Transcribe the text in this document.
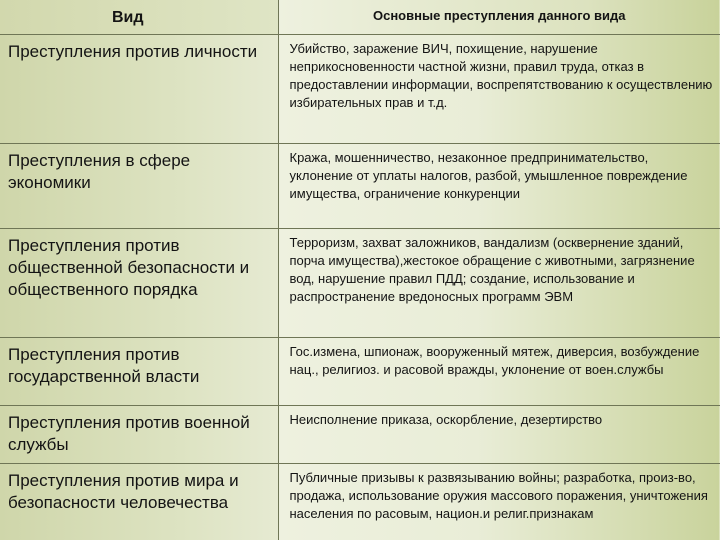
Вид	Основные преступления данного вида

Преступления против личности	Убийство, заражение ВИЧ, похищение, нарушение неприкосновенности частной жизни, правил труда, отказ в предоставлении информации, воспрепятствованию к осуществлению избирательных прав и т.д.

Преступления в сфере экономики	Кража, мошенничество, незаконное предпринимательство, уклонение от уплаты налогов, разбой, умышленное повреждение имущества, ограничение конкуренции

Преступления против общественной безопасности и общественного порядка	Терроризм, захват заложников, вандализм (осквернение зданий, порча имущества),жестокое обращение с животными, загрязнение вод, нарушение правил ПДД; создание, использование и распространение вредоносных программ ЭВМ

Преступления против государственной власти	Гос.измена, шпионаж, вооруженный мятеж, диверсия, возбуждение нац., религиоз. и расовой вражды, уклонение от воен.службы

Преступления против военной службы	Неисполнение приказа, оскорбление, дезертирство

Преступления против мира и безопасности человечества	Публичные призывы к развязыванию войны; разработка, произ-во, продажа, использование оружия массового поражения, уничтожения населения по расовым, национ.и религ.признакам
